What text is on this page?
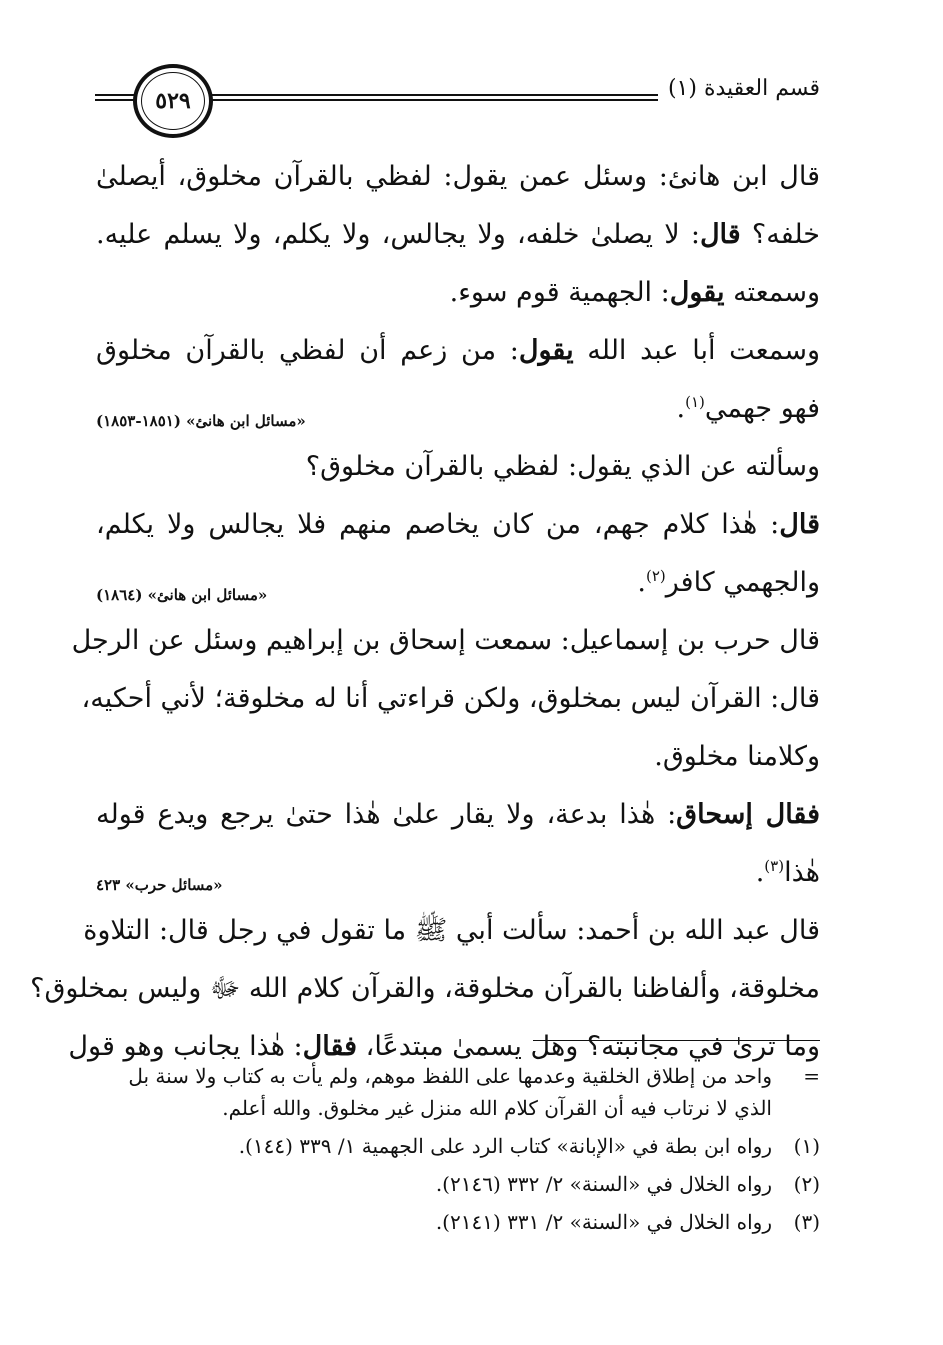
قسم العقيدة (١)
٥٢٩
قال ابن هانئ: وسئل عمن يقول: لفظي بالقرآن مخلوق، أيصلىٰ
خلفه؟ قال: لا يصلىٰ خلفه، ولا يجالس، ولا يكلم، ولا يسلم عليه.
وسمعته يقول: الجهمية قوم سوء.
وسمعت أبا عبد الله يقول: من زعم أن لفظي بالقرآن مخلوق
فهو جهمي$^{(١)}$.
«مسائل ابن هانئ» (١٨٥١-١٨٥٣)
وسألته عن الذي يقول: لفظي بالقرآن مخلوق؟
قال: هٰذا كلام جهم، من كان يخاصم منهم فلا يجالس ولا يكلم،
والجهمي كافر$^{(٢)}$.
«مسائل ابن هانئ» (١٨٦٤)
قال حرب بن إسماعيل: سمعت إسحاق بن إبراهيم وسئل عن الرجل
قال: القرآن ليس بمخلوق، ولكن قراءتي أنا له مخلوقة؛ لأني أحكيه،
وكلامنا مخلوق.
فقال إسحاق: هٰذا بدعة، ولا يقار علىٰ هٰذا حتىٰ يرجع ويدع قوله
هٰذا$^{(٣)}$.
«مسائل حرب» ٤٢٣
قال عبد الله بن أحمد: سألت أبي ﷺ ما تقول في رجل قال: التلاوة
مخلوقة، وألفاظنا بالقرآن مخلوقة، والقرآن كلام الله ﷻ وليس بمخلوق؟
وما ترىٰ في مجانبته؟ وهل يسمىٰ مبتدعًا، فقال: هٰذا يجانب وهو قول
=واحد من إطلاق الخلقية وعدمها على اللفظ موهم، ولم يأت به كتاب ولا سنة بل
الذي لا نرتاب فيه أن القرآن كلام الله منزل غير مخلوق. والله أعلم.
(١)رواه ابن بطة في «الإبانة» كتاب الرد على الجهمية ١/ ٣٣٩ (١٤٤).
(٢)رواه الخلال في «السنة» ٢/ ٣٣٢ (٢١٤٦).
(٣)رواه الخلال في «السنة» ٢/ ٣٣١ (٢١٤١).
